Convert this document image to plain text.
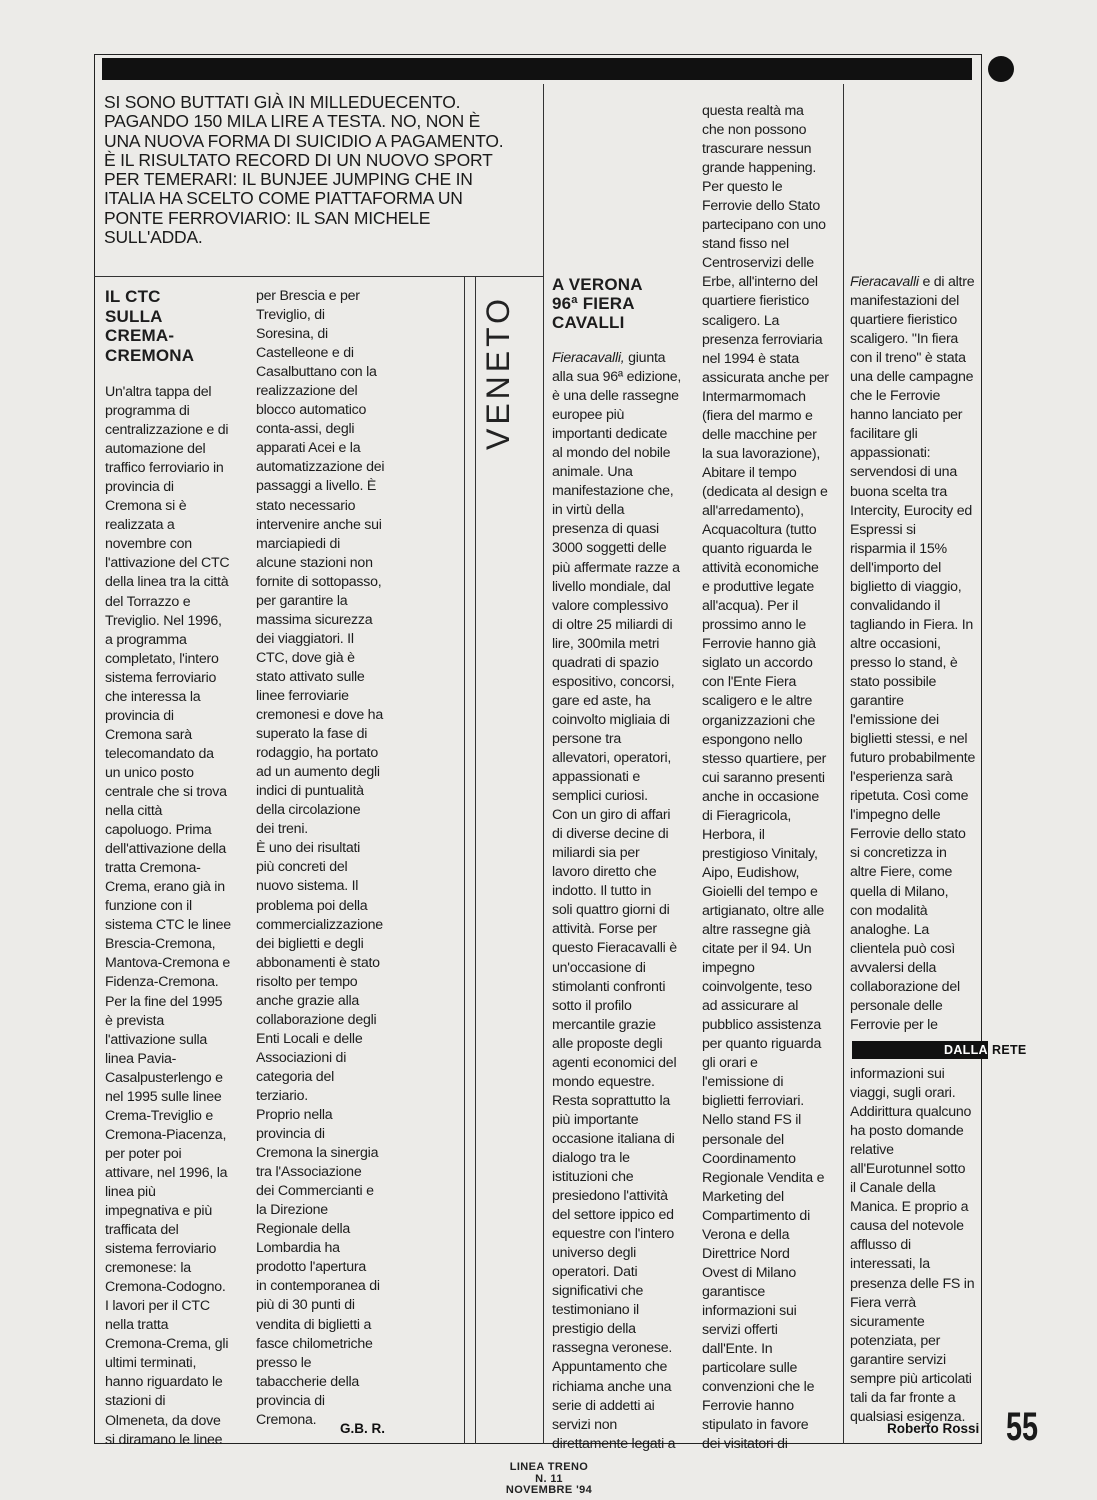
SI SONO BUTTATI GIÀ IN MILLEDUECENTO. PAGANDO 150 MILA LIRE A TESTA. NO, NON È UNA NUOVA FORMA DI SUICIDIO A PAGAMENTO. È IL RISULTATO RECORD DI UN NUOVO SPORT PER TEMERARI: IL BUNJEE JUMPING CHE IN ITALIA HA SCELTO COME PIATTAFORMA UN PONTE FERROVIARIO: IL SAN MICHELE SULL'ADDA.
IL CTC
SULLA
CREMA-
CREMONA
Un'altra tappa del
programma di
centralizzazione e di
automazione del
traffico ferroviario in
provincia di
Cremona si è
realizzata a
novembre con
l'attivazione del CTC
della linea tra la città
del Torrazzo e
Treviglio. Nel 1996,
a programma
completato, l'intero
sistema ferroviario
che interessa la
provincia di
Cremona sarà
telecomandato da
un unico posto
centrale che si trova
nella città
capoluogo. Prima
dell'attivazione della
tratta Cremona-
Crema, erano già in
funzione con il
sistema CTC le linee
Brescia-Cremona,
Mantova-Cremona e
Fidenza-Cremona.
Per la fine del 1995
è prevista
l'attivazione sulla
linea Pavia-
Casalpusterlengo e
nel 1995 sulle linee
Crema-Treviglio e
Cremona-Piacenza,
per poter poi
attivare, nel 1996, la
linea più
impegnativa e più
trafficata del
sistema ferroviario
cremonese: la
Cremona-Codogno.
I lavori per il CTC
nella tratta
Cremona-Crema, gli
ultimi terminati,
hanno riguardato le
stazioni di
Olmeneta, da dove
si diramano le linee
per Brescia e per
Treviglio, di
Soresina, di
Castelleone e di
Casalbuttano con la
realizzazione del
blocco automatico
conta-assi, degli
apparati Acei e la
automatizzazione dei
passaggi a livello. È
stato necessario
intervenire anche sui
marciapiedi di
alcune stazioni non
fornite di sottopasso,
per garantire la
massima sicurezza
dei viaggiatori. Il
CTC, dove già è
stato attivato sulle
linee ferroviarie
cremonesi e dove ha
superato la fase di
rodaggio, ha portato
ad un aumento degli
indici di puntualità
della circolazione
dei treni.
È uno dei risultati
più concreti del
nuovo sistema. Il
problema poi della
commercializzazione
dei biglietti e degli
abbonamenti è stato
risolto per tempo
anche grazie alla
collaborazione degli
Enti Locali e delle
Associazioni di
categoria del
terziario.
Proprio nella
provincia di
Cremona la sinergia
tra l'Associazione
dei Commercianti e
la Direzione
Regionale della
Lombardia ha
prodotto l'apertura
in contemporanea di
più di 30 punti di
vendita di biglietti a
fasce chilometriche
presso le
tabaccherie della
provincia di
Cremona.
G.B. R.
VENETO
A VERONA
96ª FIERA
CAVALLI
Fieracavalli, giunta
alla sua 96ª edizione,
è una delle rassegne
europee più
importanti dedicate
al mondo del nobile
animale. Una
manifestazione che,
in virtù della
presenza di quasi
3000 soggetti delle
più affermate razze a
livello mondiale, dal
valore complessivo
di oltre 25 miliardi di
lire, 300mila metri
quadrati di spazio
espositivo, concorsi,
gare ed aste, ha
coinvolto migliaia di
persone tra
allevatori, operatori,
appassionati e
semplici curiosi.
Con un giro di affari
di diverse decine di
miliardi sia per
lavoro diretto che
indotto. Il tutto in
soli quattro giorni di
attività. Forse per
questo Fieracavalli è
un'occasione di
stimolanti confronti
sotto il profilo
mercantile grazie
alle proposte degli
agenti economici del
mondo equestre.
Resta soprattutto la
più importante
occasione italiana di
dialogo tra le
istituzioni che
presiedono l'attività
del settore ippico ed
equestre con l'intero
universo degli
operatori. Dati
significativi che
testimoniano il
prestigio della
rassegna veronese.
Appuntamento che
richiama anche una
serie di addetti ai
servizi non
direttamente legati a
questa realtà ma
che non possono
trascurare nessun
grande happening.
Per questo le
Ferrovie dello Stato
partecipano con uno
stand fisso nel
Centroservizi delle
Erbe, all'interno del
quartiere fieristico
scaligero. La
presenza ferroviaria
nel 1994 è stata
assicurata anche per
Intermarmomach
(fiera del marmo e
delle macchine per
la sua lavorazione),
Abitare il tempo
(dedicata al design e
all'arredamento),
Acquacoltura (tutto
quanto riguarda le
attività economiche
e produttive legate
all'acqua). Per il
prossimo anno le
Ferrovie hanno già
siglato un accordo
con l'Ente Fiera
scaligero e le altre
organizzazioni che
espongono nello
stesso quartiere, per
cui saranno presenti
anche in occasione
di Fieragricola,
Herbora, il
prestigioso Vinitaly,
Aipo, Eudishow,
Gioielli del tempo e
artigianato, oltre alle
altre rassegne già
citate per il 94. Un
impegno
coinvolgente, teso
ad assicurare al
pubblico assistenza
per quanto riguarda
gli orari e
l'emissione di
biglietti ferroviari.
Nello stand FS il
personale del
Coordinamento
Regionale Vendita e
Marketing del
Compartimento di
Verona e della
Direttrice Nord
Ovest di Milano
garantisce
informazioni sui
servizi offerti
dall'Ente. In
particolare sulle
convenzioni che le
Ferrovie hanno
stipulato in favore
dei visitatori di
Fieracavalli e di altre
manifestazioni del
quartiere fieristico
scaligero. "In fiera
con il treno" è stata
una delle campagne
che le Ferrovie
hanno lanciato per
facilitare gli
appassionati:
servendosi di una
buona scelta tra
Intercity, Eurocity ed
Espressi si
risparmia il 15%
dell'importo del
biglietto di viaggio,
convalidando il
tagliando in Fiera. In
altre occasioni,
presso lo stand, è
stato possibile
garantire
l'emissione dei
biglietti stessi, e nel
futuro probabilmente
l'esperienza sarà
ripetuta. Così come
l'impegno delle
Ferrovie dello stato
si concretizza in
altre Fiere, come
quella di Milano,
con modalità
analoghe. La
clientela può così
avvalersi della
collaborazione del
personale delle
Ferrovie per le
DALLA RETE
informazioni sui
viaggi, sugli orari.
Addirittura qualcuno
ha posto domande
relative
all'Eurotunnel sotto
il Canale della
Manica. E proprio a
causa del notevole
afflusso di
interessati, la
presenza delle FS in
Fiera verrà
sicuramente
potenziata, per
garantire servizi
sempre più articolati
tali da far fronte a
qualsiasi esigenza.
Roberto Rossi 55
LINEA TRENO
N. 11
NOVEMBRE '94
